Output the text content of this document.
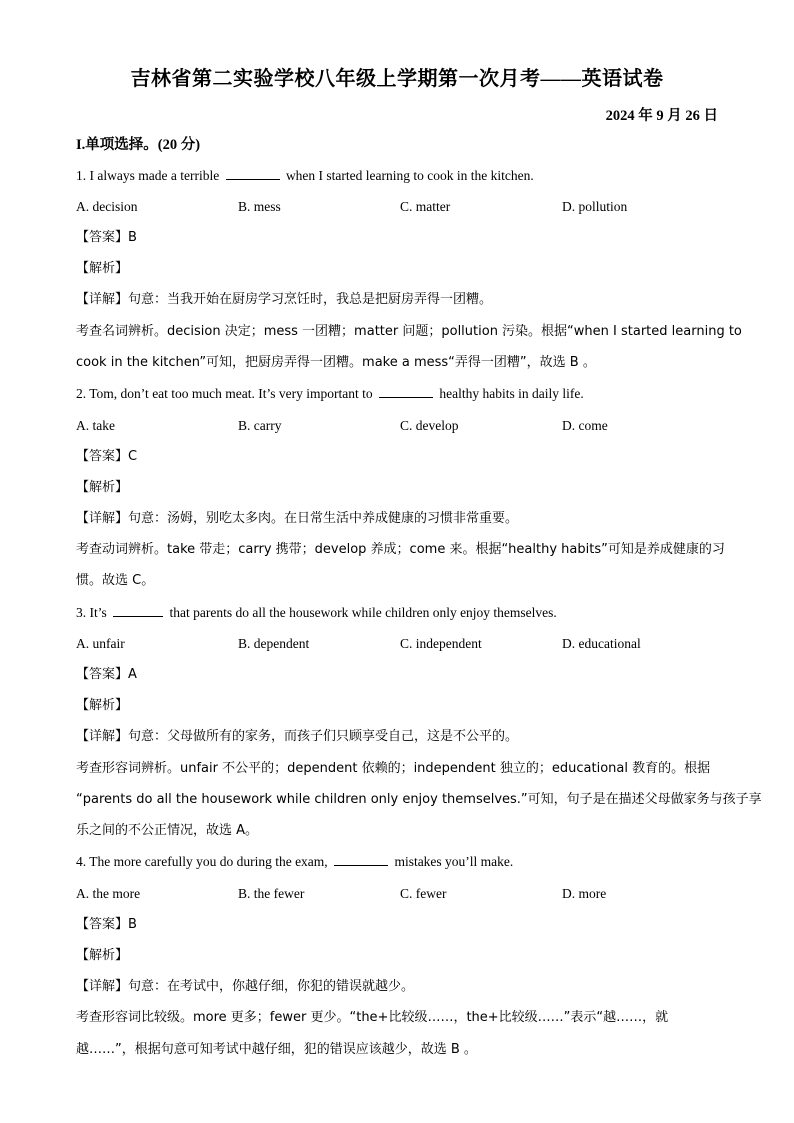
吉林省第二实验学校八年级上学期第一次月考——英语试卷
2024 年 9 月 26 日
I.单项选择。(20 分)
1. I always made a terrible	when I started learning to cook in the kitchen.
A. decision	B. mess	C. matter	D. pollution
【答案】B
【解析】
【详解】句意：当我开始在厨房学习烹饪时，我总是把厨房弄得一团糟。
考查名词辨析。decision 决定；mess 一团糟；matter 问题；pollution 污染。根据“when I started learning to
cook in the kitchen”可知，把厨房弄得一团糟。make a mess“弄得一团糟”，故选 B 。
2. Tom, don’t eat too much meat. It’s very important to	healthy habits in daily life.
A. take	B. carry	C. develop	D. come
【答案】C
【解析】
【详解】句意：汤姆，别吃太多肉。在日常生活中养成健康的习惯非常重要。
考查动词辨析。take 带走；carry 携带；develop 养成；come 来。根据“healthy habits”可知是养成健康的习
惯。故选 C。
3. It’s	that parents do all the housework while children only enjoy themselves.
A. unfair	B. dependent	C. independent	D. educational
【答案】A
【解析】
【详解】句意：父母做所有的家务，而孩子们只顾享受自己，这是不公平的。
考查形容词辨析。unfair 不公平的；dependent 依赖的；independent 独立的；educational 教育的。根据
“parents do all the housework while children only enjoy themselves.”可知，句子是在描述父母做家务与孩子享
乐之间的不公正情况，故选 A。
4. The more carefully you do during the exam,	mistakes you’ll make.
A. the more	B. the fewer	C. fewer	D. more
【答案】B
【解析】
【详解】句意：在考试中，你越仔细，你犯的错误就越少。
考查形容词比较级。more 更多；fewer 更少。“the+比较级……，the+比较级……”表示“越……，就
越……”，根据句意可知考试中越仔细，犯的错误应该越少，故选 B 。
